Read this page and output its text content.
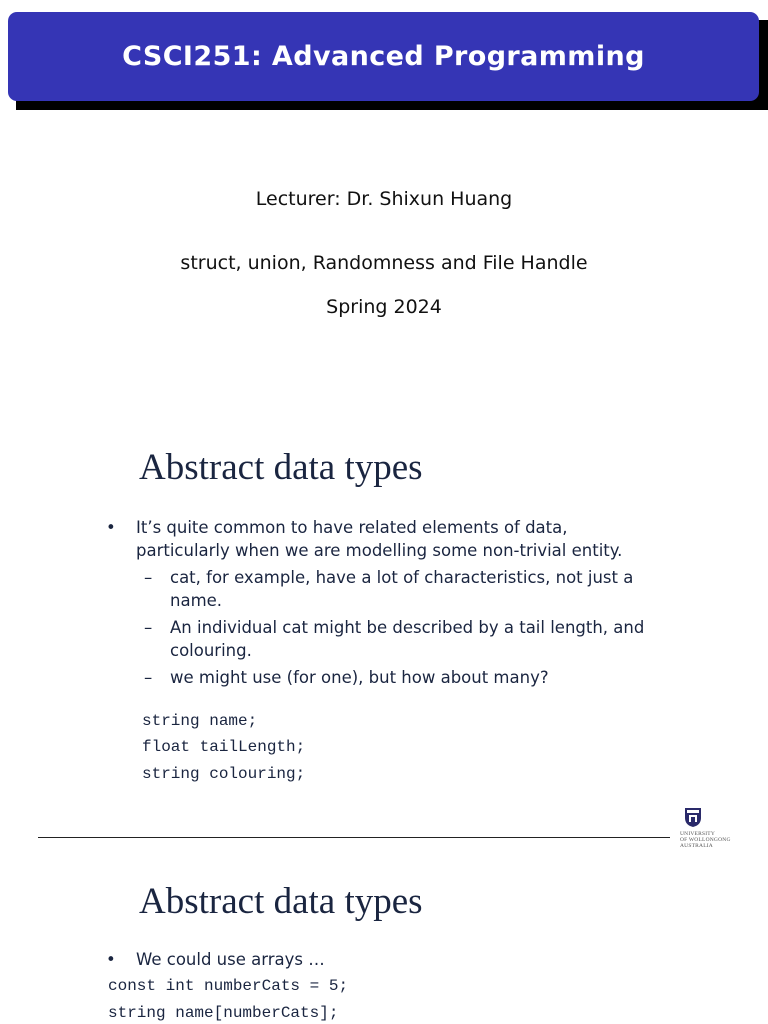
CSCI251: Advanced Programming
Lecturer: Dr. Shixun Huang
struct, union, Randomness and File Handle
Spring 2024
Abstract data types
• It’s quite common to have related elements of data, particularly when we are modelling some non-trivial entity.
– cat, for example, have a lot of characteristics, not just a name.
– An individual cat might be described by a tail length, and colouring.
– we might use (for one), but how about many?
string name;
float tailLength;
string colouring;
UNIVERSITY
OF WOLLONGONG
AUSTRALIA
Abstract data types
• We could use arrays …
const int numberCats = 5;
string name[numberCats];
